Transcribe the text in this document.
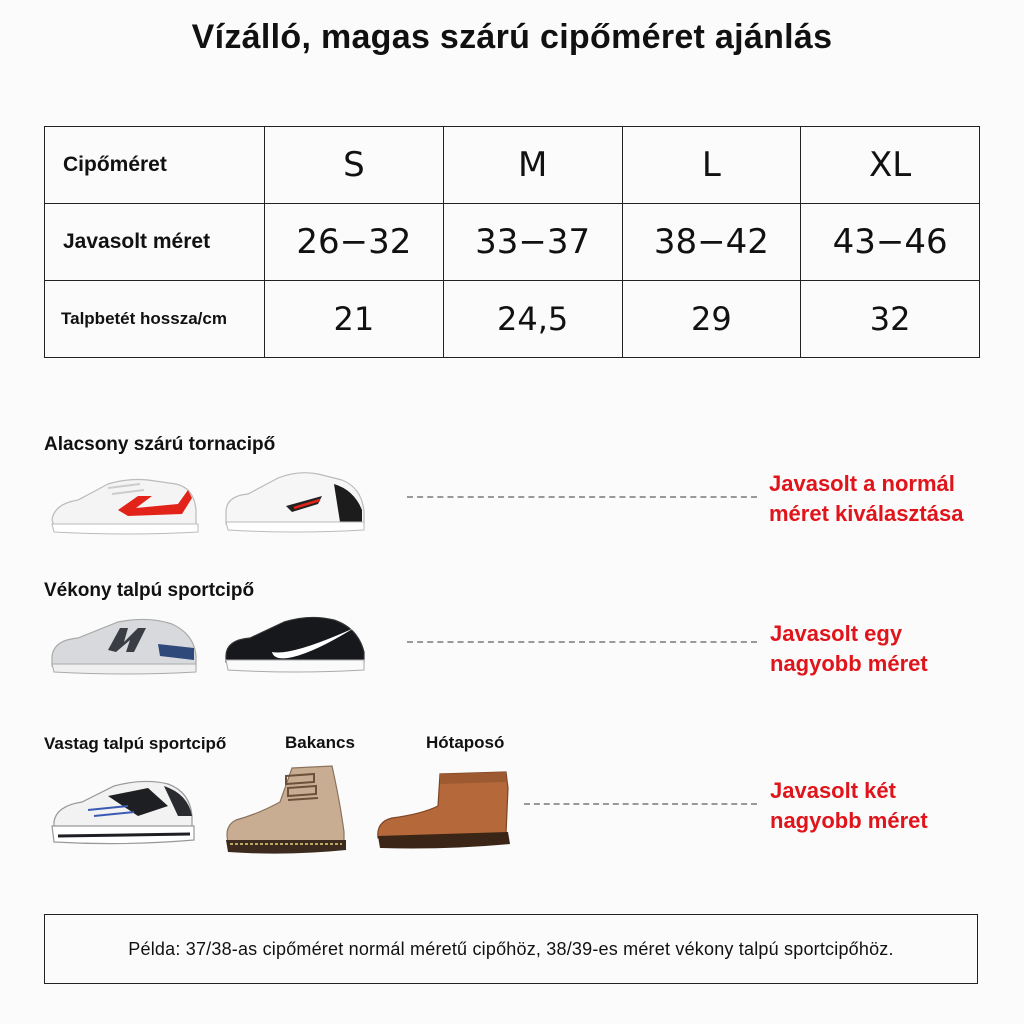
Vízálló, magas szárú cipőméret ajánlás
Cipőméret	S	M	L	XL
Javasolt méret	26−32	33−37	38−42	43−46
Talpbetét hossza/cm	21	24,5	29	32
Alacsony szárú tornacipő
Javasolt a normál
méret kiválasztása
Vékony talpú sportcipő
Javasolt egy
nagyobb méret
Vastag talpú sportcipő	Bakancs	Hótaposó
Javasolt két
nagyobb méret
Példa: 37/38-as cipőméret normál méretű cipőhöz, 38/39-es méret vékony talpú sportcipőhöz.
